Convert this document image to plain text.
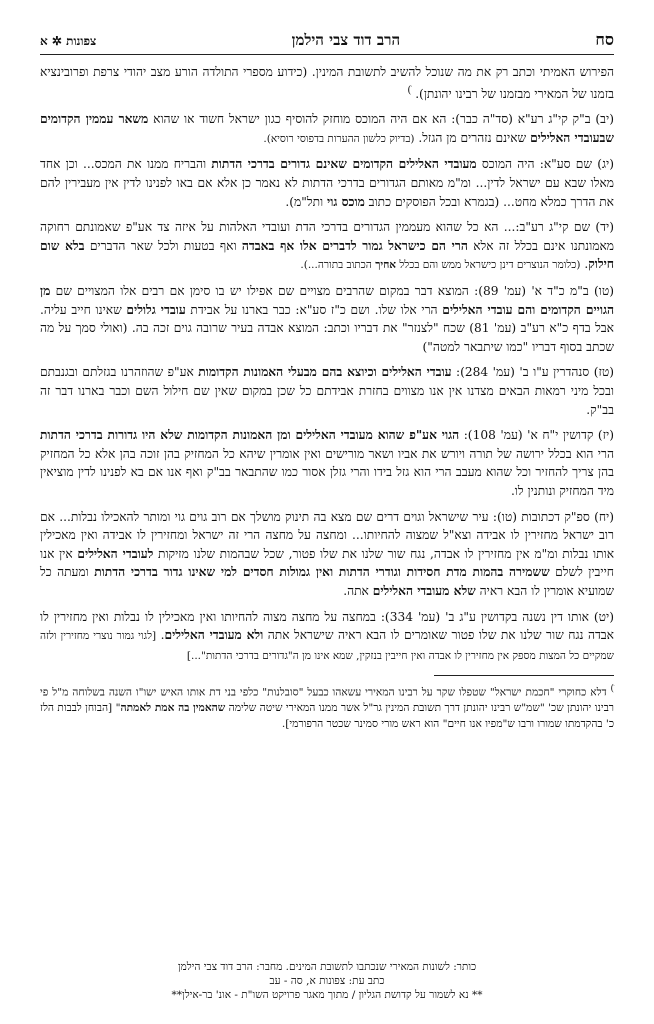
סח
הרב דוד צבי הילמן
צפונות ✲ א

הפירוש האמיתי וכתב רק את מה שנוכל להשיב לתשובת המינין. (כידוע מספרי התולדה הורע מצב יהודי צרפת ופרובינציא בזמנו של המאירי מבזמנו של רבינו יהונתן). ׂ)

(יב) ב"ק קי"ג רע"א (סד"ה כבר): הא אם היה המוכס מוחזק להוסיף כגון ישראל חשוד או שהוא משאר עממין הקדומים שבעובדי האלילים שאינם נזהרים מן הגזל. (בדיוק כלשון ההערות בדפוסי רוסיא).

(יג) שם סע"א: היה המוכס מעובדי האלילים הקדומים שאינם גדורים בדרכי הדתות והבריח ממנו את המכס... וכן אחד מאלו שבא עם ישראל לדין... ומ"מ מאותם הגדורים בדרכי הדתות לא נאמר כן אלא אם באו לפנינו לדין אין מעבירין להם את הדרך כמלא מחט... (בגמרא ובכל הפוסקים כתוב מוכס גוי ותל"מ).

(יד) שם קי"ג רע"ב:... הא כל שהוא מעממין הגדורים בדרכי הדת ועובדי האלהות על איזה צד אע"פ שאמונתם רחוקה מאמונתנו אינם בכלל זה אלא הרי הם כישראל גמור לדברים אלו אף באבדה ואף בטעות ולכל שאר הדברים בלא שום חילוק. (כלומר הנוצרים דינן כישראל ממש והם בכלל אחיך הכתוב בתורה...).

(טו) ב"מ כ"ד א' (עמ' 89): המוצא דבר במקום שהרבים מצויים שם אפילו יש בו סימן אם רבים אלו המצויים שם מן הגויים הקדומים והם עובדי האלילים הרי אלו שלו. ושם כ"ז סע"א: כבר בארנו על אבידת עובדי גלולים שאינו חייב עליה. אבל בדף כ"א רע"ב (עמ' 81) שכח "לצנזר" את דבריו וכתב: המוצא אבדה בעיר שרובה גוים זכה בה. (ואולי סמך על מה שכתב בסוף דבריו "כמו שיתבאר למטה")

(טז) סנהדרין ע"ו ב' (עמ' 284): עובדי האלילים וכיוצא בהם מבעלי האמונות הקדומות אע"פ שהוזהרנו בגזלתם ובגנבתם ובכל מיני רמאות הבאים מצדנו אין אנו מצווים בחזרת אבידתם כל שכן במקום שאין שם חילול השם וכבר בארנו דבר זה בב"ק.

(יז) קדושין י"ח א' (עמ' 108): הגוי אע"פ שהוא מעובדי האלילים ומן האמונות הקדומות שלא היו גדורות בדרכי הדתות הרי הוא בכלל ירושה של תורה ויורש את אביו ושאר מורישים ואין אומרין שיהא כל המחזיק בהן זוכה בהן אלא כל המחזיק בהן צריך להחזיר וכל שהוא מעבב הרי הוא גזל בידו והרי גזלן אסור כמו שהתבאר בב"ק ואף אנו אם בא לפנינו לדין מוציאין מיד המחזיק ונותנין לו.

(יח) ספ"ק דכתובות (טו): עיר שישראל וגוים דרים שם מצא בה תינוק מושלך אם רוב גוים גוי ומותר להאכילו נבלות... אם רוב ישראל מחזירין לו אבידה וצא"ל שמצוה להחיותו... ומחצה על מחצה הרי זה ישראל ומחזירין לו אבידה ואין מאכילין אותו נבלות ומ"מ אין מחזירין לו אבדה, נגח שור שלנו את שלו פטור, שכל שבהמות שלנו מזיקות לעובדי האלילים אין אנו חייבין לשלם ששמירה בהמות מדת חסידות וגודרי הדתות ואין גמולות חסדים למי שאינו גדור בדרכי הדתות ומעתה כל שמועיא אומרין לו הבא ראיה שלא מעובדי האלילים אתה.

(יט) אותו דין נשנה בקדושין ע"ג ב' (עמ' 334): במחצה על מחצה מצוה להחיותו ואין מאכילין לו נבלות ואין מחזירין לו אבדה נגח שור שלנו את שלו פטור שאומרים לו הבא ראיה שישראל אתה ולא מעובדי האלילים. [לגוי גמור נוצרי מחזירין ולזה שמקיים כל המצות מספק אין מחזירין לו אבדה ואין חייבין בנזקין, שמא אינו מן ה"גדורים בדרכי הדתות"...]

ׂ) דלא כחוקרי "חכמת ישראל" שטפלו שקר על רבינו המאירי עשאהו כבעל "סובלנות" כלפי בני דת אותו האיש ישו"ו השנה בשלוחה מ"ל פי רבינו יהונתן שכ' "שמ"ש רבינו יהונתן דרך תשובת המינין גר"ל אשר ממנו המאירי שיטה שלימה שהאמין בה אמת לאמתה" [הבוחן לבבות הלז כ' בהקדמתו שמורו ורבו ש"מפיו אנו חיים" הוא ראש מורי סמינר שכטר הרפורמי].

כותר: לשונות המאירי שנכתבו לתשובת המינים. מחבר: הרב דוד צבי הילמן
כתב עת: צפונות א, סה - עב
** נא לשמור על קדושת הגליון / מתוך מאגר פרויקט השו"ת - אונ' בר-אילן**
